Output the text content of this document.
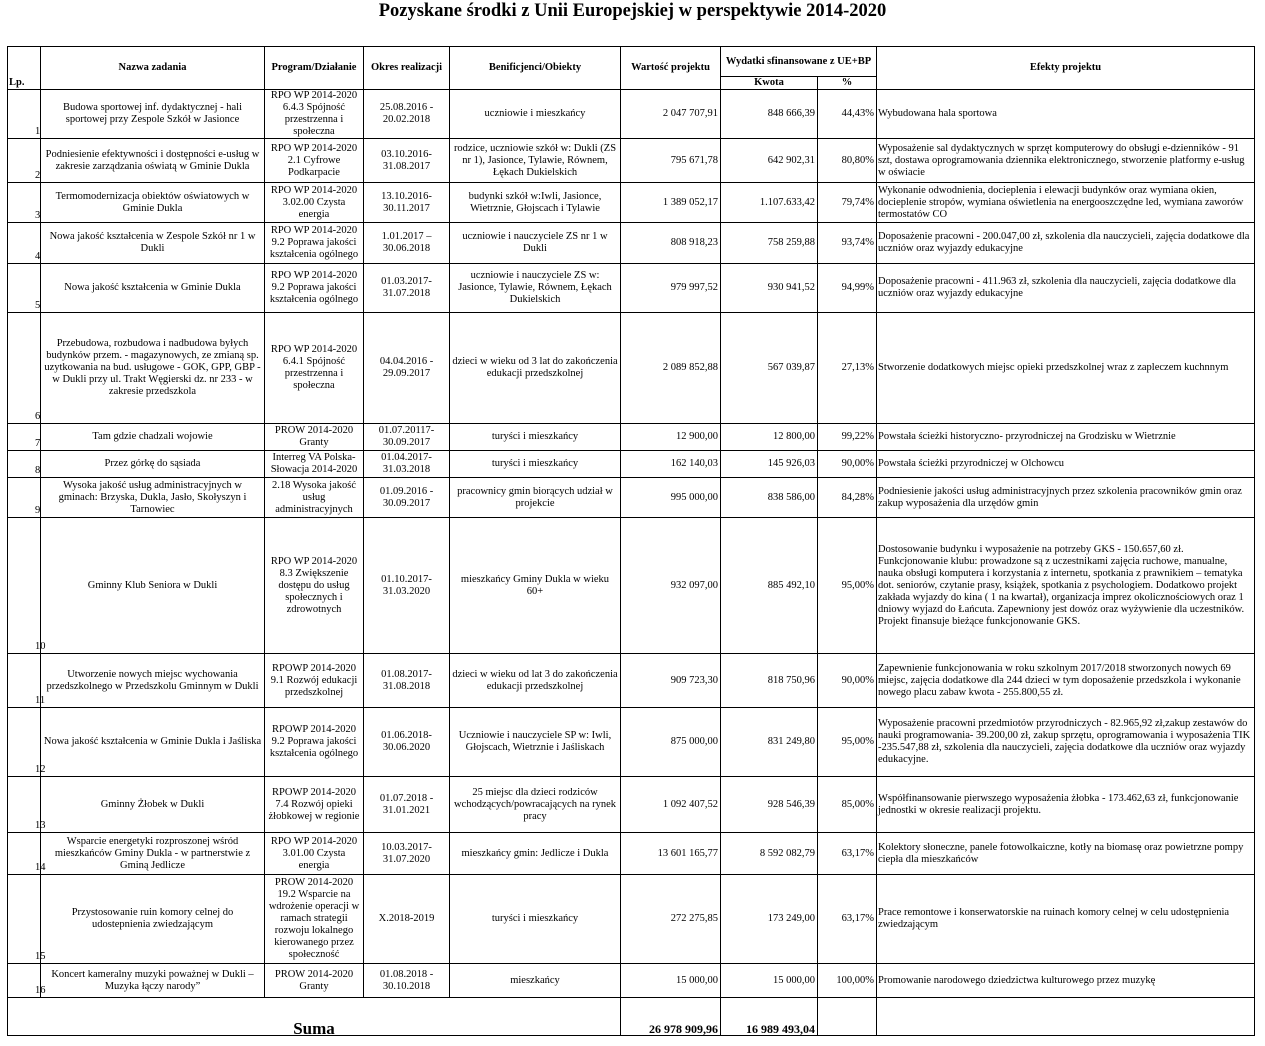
Pozyskane środki z Unii Europejskiej w perspektywie 2014-2020
Lp.	Nazwa zadania	Program/Działanie	Okres realizacji	Benificjenci/Obiekty	Wartość projektu	Wydatki sfinansowane z UE+BP		Efekty projektu
						Kwota	%	

1	Budowa sportowej inf. dydaktycznej - hali sportowej przy Zespole Szkół w Jasionce	RPO WP 2014-2020 6.4.3 Spójność przestrzenna i społeczna	25.08.2016 - 20.02.2018	uczniowie i mieszkańcy	2 047 707,91	848 666,39	44,43%	Wybudowana hala sportowa
2	Podniesienie efektywności i dostępności e-usług w zakresie zarządzania oświatą w Gminie Dukla	RPO WP 2014-2020 2.1 Cyfrowe Podkarpacie	03.10.2016-31.08.2017	rodzice, uczniowie szkół w: Dukli (ZS nr 1), Jasionce, Tylawie, Równem, Łękach Dukielskich	795 671,78	642 902,31	80,80%	Wyposażenie sal dydaktycznych w sprzęt komputerowy do obsługi e-dzienników - 91 szt, dostawa oprogramowania dziennika elektronicznego, stworzenie platformy e-usług w oświacie
3	Termomodernizacja obiektów oświatowych w Gminie Dukla	RPO WP 2014-2020 3.02.00 Czysta energia	13.10.2016-30.11.2017	budynki szkół w:Iwli, Jasionce, Wietrznie, Głojscach i Tylawie	1 389 052,17	1.107.633,42	79,74%	Wykonanie odwodnienia, docieplenia i elewacji budynków oraz wymiana okien, docieplenie stropów, wymiana oświetlenia na energooszczędne led, wymiana zaworów termostatów CO
4	Nowa jakość kształcenia w Zespole Szkół nr 1 w Dukli	RPO WP 2014-2020 9.2 Poprawa jakości kształcenia ogólnego	1.01.2017 – 30.06.2018	uczniowie i nauczyciele ZS nr 1 w Dukli	808 918,23	758 259,88	93,74%	Doposażenie pracowni - 200.047,00 zł, szkolenia dla nauczycieli, zajęcia dodatkowe dla uczniów oraz wyjazdy edukacyjne
5	Nowa jakość kształcenia w Gminie Dukla	RPO WP 2014-2020 9.2 Poprawa jakości kształcenia ogólnego	01.03.2017-31.07.2018	uczniowie i nauczyciele ZS w: Jasionce, Tylawie, Równem, Łękach Dukielskich	979 997,52	930 941,52	94,99%	Doposażenie pracowni - 411.963 zł, szkolenia dla nauczycieli, zajęcia dodatkowe dla uczniów oraz wyjazdy edukacyjne
6	Przebudowa, rozbudowa i nadbudowa byłych budynków przem. - magazynowych, ze zmianą sp. uzytkowania na bud. usługowe - GOK, GPP, GBP - w Dukli przy ul. Trakt Węgierski dz. nr 233 - w zakresie przedszkola	RPO WP 2014-2020 6.4.1 Spójność przestrzenna i społeczna	04.04.2016 - 29.09.2017	dzieci w wieku od 3 lat do zakończenia edukacji przedszkolnej	2 089 852,88	567 039,87	27,13%	Stworzenie dodatkowych miejsc opieki przedszkolnej wraz z zapleczem kuchnnym
7	Tam gdzie chadzali wojowie	PROW 2014-2020 Granty	01.07.20117-30.09.2017	turyści i mieszkańcy	12 900,00	12 800,00	99,22%	Powstała ścieżki historyczno- przyrodniczej na Grodzisku w Wietrznie
8	Przez górkę do sąsiada	Interreg VA Polska-Słowacja 2014-2020	01.04.2017-31.03.2018	turyści i mieszkańcy	162 140,03	145 926,03	90,00%	Powstała ścieżki przyrodniczej w Olchowcu
9	Wysoka jakość usług administracyjnych w gminach: Brzyska, Dukla, Jasło, Skołyszyn i Tarnowiec	2.18 Wysoka jakość usług administracyjnych	01.09.2016 - 30.09.2017	pracownicy gmin biorących udział w projekcie	995 000,00	838 586,00	84,28%	Podniesienie jakości usług administracyjnych przez szkolenia pracowników gmin oraz zakup wyposażenia dla urzędów gmin
10	Gminny Klub Seniora w Dukli	RPO WP 2014-2020 8.3 Zwiększenie dostępu do usług społecznych i zdrowotnych	01.10.2017-31.03.2020	mieszkańcy Gminy Dukla w wieku 60+	932 097,00	885 492,10	95,00%	Dostosowanie budynku i wyposażenie na potrzeby GKS - 150.657,60 zł. Funkcjonowanie klubu: prowadzone są z uczestnikami zajęcia ruchowe, manualne, nauka obsługi komputera i korzystania z internetu, spotkania z prawnikiem – tematyka dot. seniorów, czytanie prasy, książek, spotkania z psychologiem. Dodatkowo projekt zakłada wyjazdy do kina ( 1 na kwartał), organizacja imprez okolicznościowych oraz 1 dniowy wyjazd do Łańcuta. Zapewniony jest dowóz oraz wyżywienie dla uczestników. Projekt finansuje bieżące funkcjonowanie GKS.
11	Utworzenie nowych miejsc wychowania przedszkolnego w Przedszkolu Gminnym w Dukli	RPOWP 2014-2020 9.1 Rozwój edukacji przedszkolnej	01.08.2017-31.08.2018	dzieci w wieku od lat 3 do zakończenia edukacji przedszkolnej	909 723,30	818 750,96	90,00%	Zapewnienie funkcjonowania w roku szkolnym 2017/2018 stworzonych nowych 69 miejsc, zajęcia dodatkowe dla 244 dzieci w tym doposażenie przedszkola i wykonanie nowego placu zabaw kwota - 255.800,55 zł.
12	Nowa jakość kształcenia w Gminie Dukla i Jaśliska	RPOWP 2014-2020 9.2 Poprawa jakości kształcenia ogólnego	01.06.2018-30.06.2020	Uczniowie i nauczyciele SP w: Iwli, Głojscach, Wietrznie i Jaśliskach	875 000,00	831 249,80	95,00%	Wyposażenie pracowni przedmiotów przyrodniczych - 82.965,92 zł,zakup zestawów do nauki programowania- 39.200,00 zł, zakup sprzętu, oprogramowania i wyposażenia TIK -235.547,88 zł, szkolenia dla nauczycieli, zajęcia dodatkowe dla uczniów oraz wyjazdy edukacyjne.
13	Gminny Żłobek w Dukli	RPOWP 2014-2020 7.4 Rozwój opieki żłobkowej w regionie	01.07.2018 - 31.01.2021	25 miejsc dla dzieci rodziców wchodzących/powracających na rynek pracy	1 092 407,52	928 546,39	85,00%	Współfinansowanie pierwszego wyposażenia żłobka - 173.462,63 zł, funkcjonowanie jednostki w okresie realizacji projektu.
14	Wsparcie energetyki rozproszonej wśród mieszkańców Gminy Dukla - w partnerstwie z Gminą Jedlicze	RPO WP 2014-2020 3.01.00 Czysta energia	10.03.2017-31.07.2020	mieszkańcy gmin: Jedlicze i Dukla	13 601 165,77	8 592 082,79	63,17%	Kolektory słoneczne, panele fotowolkaiczne, kotły na biomasę oraz powietrzne pompy ciepła dla mieszkańców
15	Przystosowanie ruin komory celnej do udostepnienia zwiedzającym	PROW 2014-2020 19.2 Wsparcie na wdrożenie operacji w ramach strategii rozwoju lokalnego kierowanego przez społeczność	X.2018-2019	turyści i mieszkańcy	272 275,85	173 249,00	63,17%	Prace remontowe i konserwatorskie na ruinach komory celnej w celu udostępnienia zwiedzającym
16	Koncert kameralny muzyki poważnej w Dukli – Muzyka łączy narody”	PROW 2014-2020 Granty	01.08.2018 - 30.10.2018	mieszkańcy	15 000,00	15 000,00	100,00%	Promowanie narodowego dziedzictwa kulturowego przez muzykę
Suma					26 978 909,96	16 989 493,04		
